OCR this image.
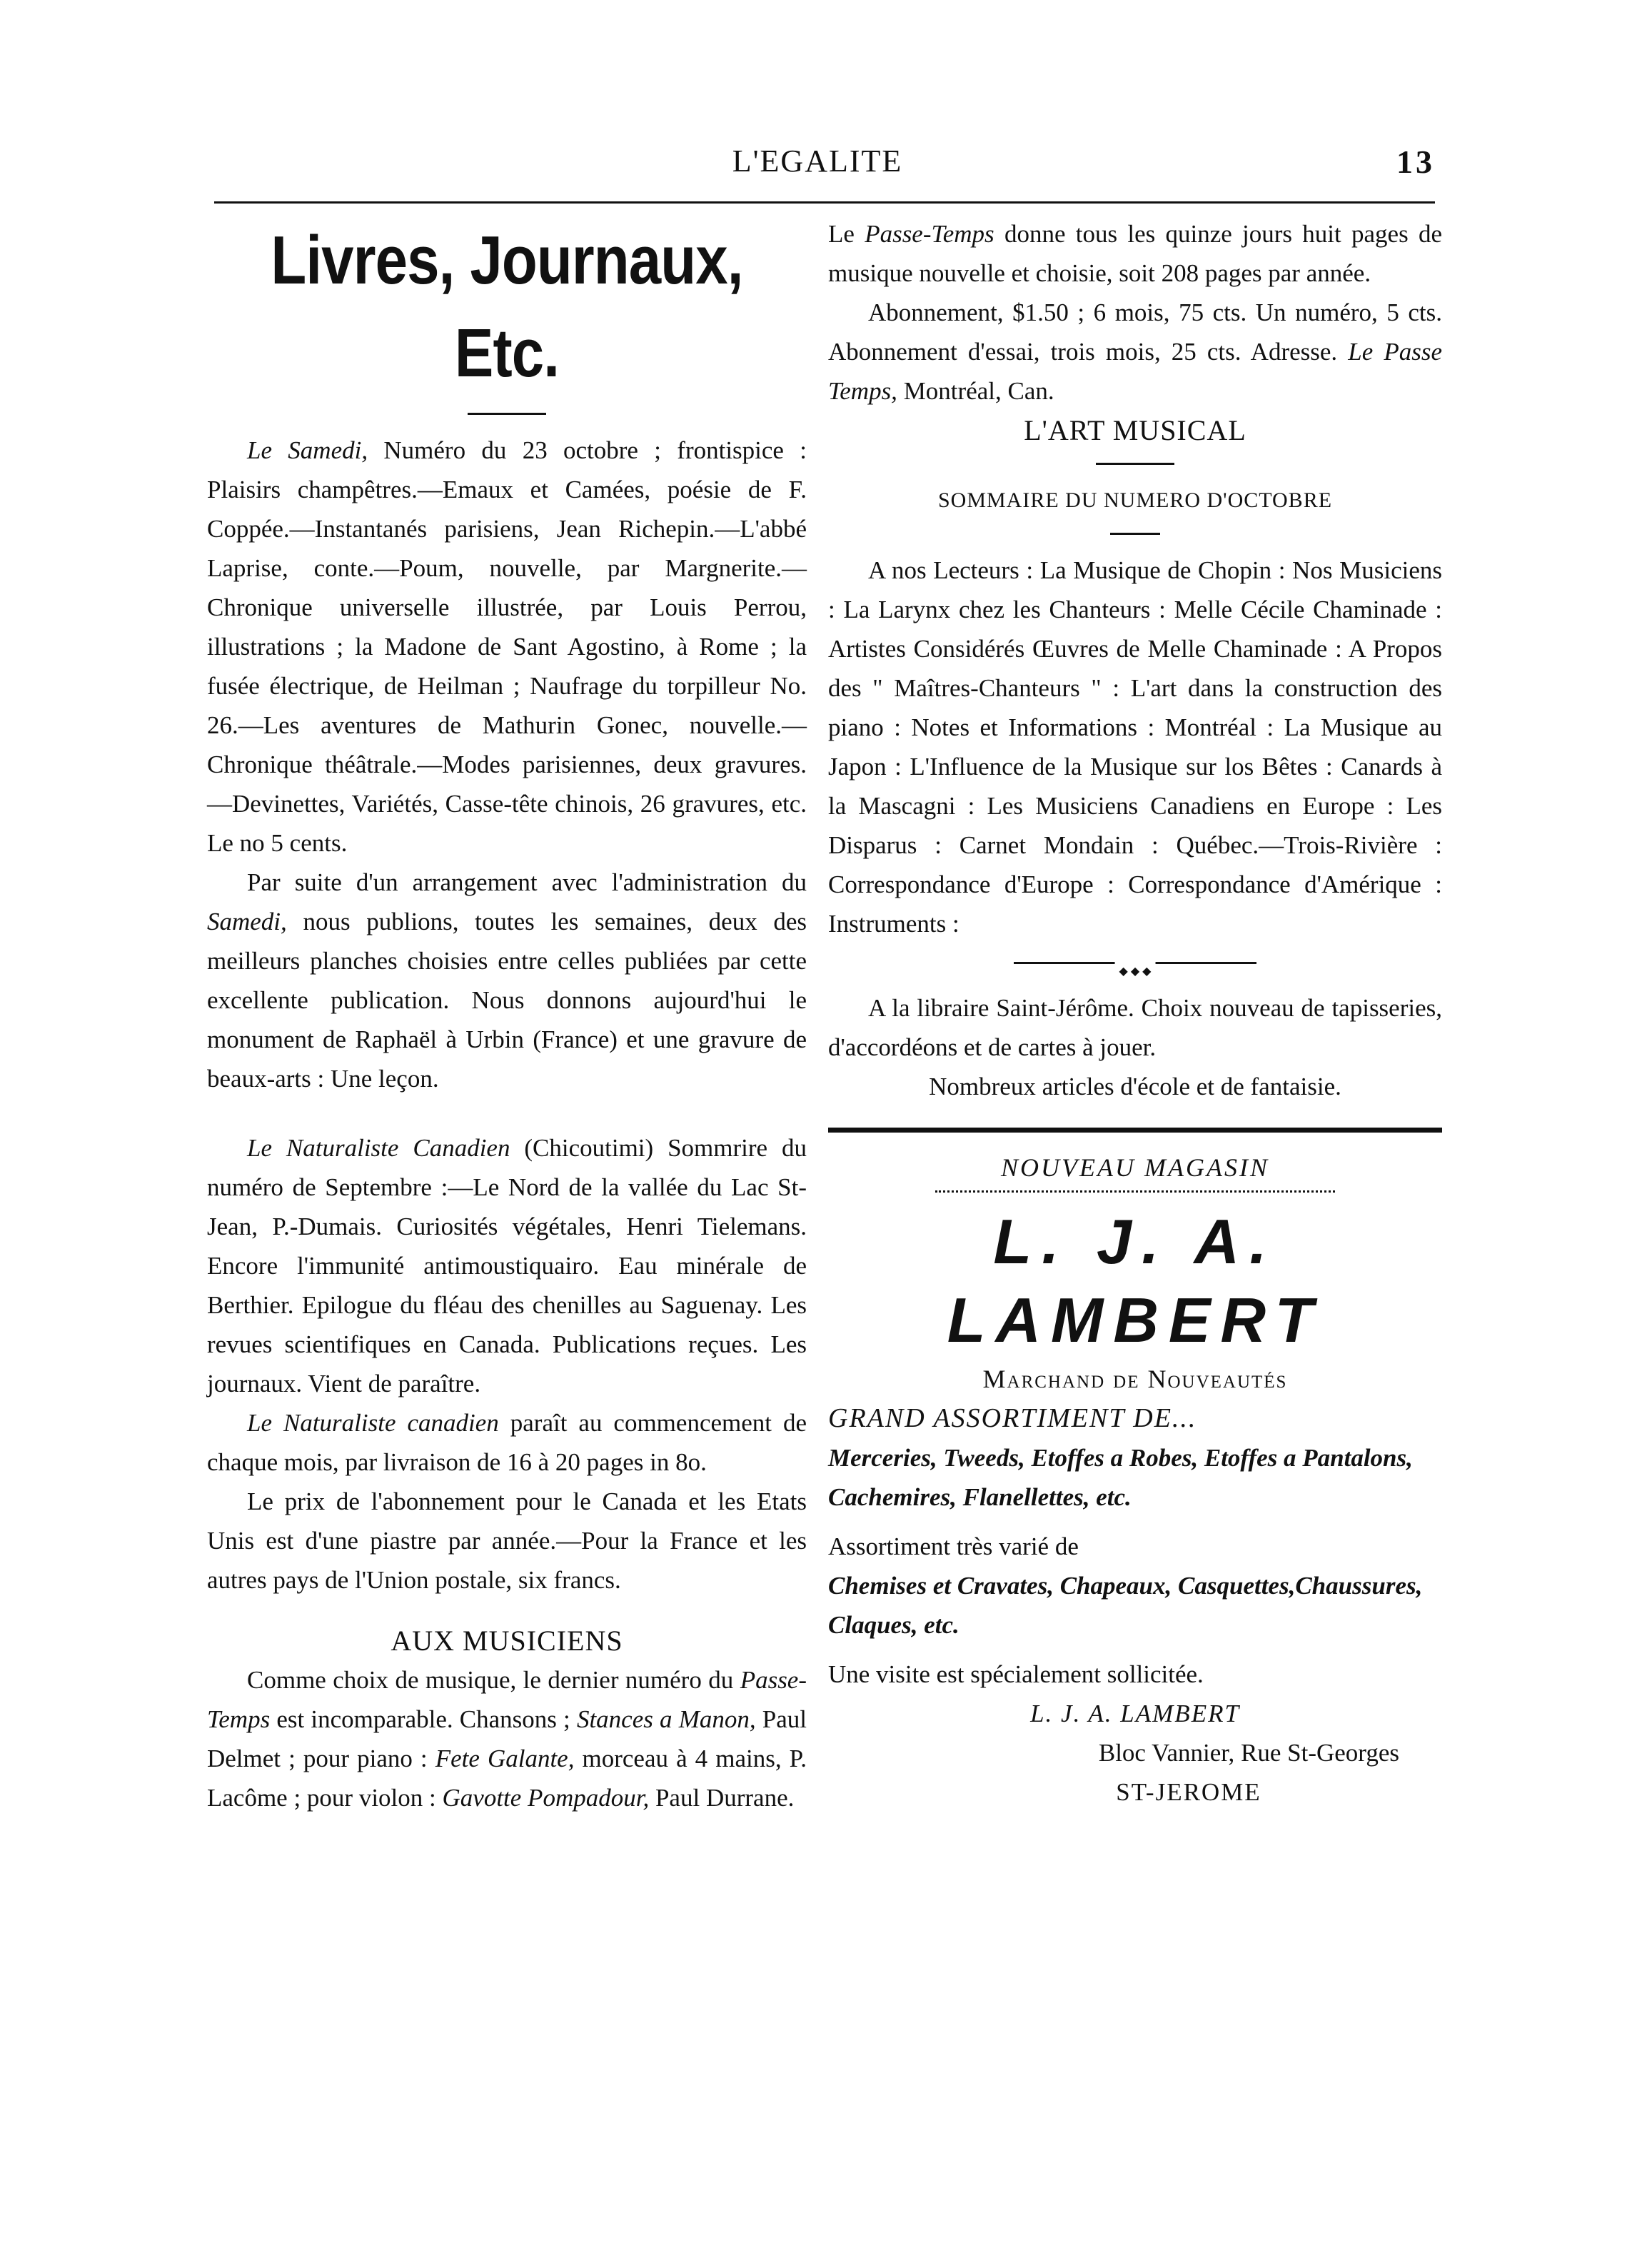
L'EGALITE	13
Livres, Journaux, Etc.

Le Samedi, Numéro du 23 octobre ; frontispice : Plaisirs champêtres.—Emaux et Camées, poésie de F. Coppée.—Instantanés parisiens, Jean Richepin.—L'abbé Laprise, conte.—Poum, nouvelle, par Margnerite.— Chronique universelle illustrée, par Louis Perrou, illustrations ; la Madone de Sant Agostino, à Rome ; la fusée électrique, de Heilman ; Naufrage du torpilleur No. 26.—Les aventures de Mathurin Gonec, nouvelle.—Chronique théâtrale.—Modes parisiennes, deux gravures.—Devinettes, Variétés, Casse-tête chinois, 26 gravures, etc. Le no 5 cents.

Par suite d'un arrangement avec l'administration du Samedi, nous publions, toutes les semaines, deux des meilleurs planches choisies entre celles publiées par cette excellente publication. Nous donnons aujourd'hui le monument de Raphaël à Urbin (France) et une gravure de beaux-arts : Une leçon.

Le Naturaliste Canadien (Chicoutimi) Sommrire du numéro de Septembre :—Le Nord de la vallée du Lac St-Jean, P.-Dumais. Curiosités végétales, Henri Tielemans. Encore l'immunité antimoustiquairo. Eau minérale de Berthier. Epilogue du fléau des chenilles au Saguenay. Les revues scientifiques en Canada. Publications reçues. Les journaux. Vient de paraître.

Le Naturaliste canadien paraît au commencement de chaque mois, par livraison de 16 à 20 pages in 8o.

Le prix de l'abonnement pour le Canada et les Etats Unis est d'une piastre par année.—Pour la France et les autres pays de l'Union postale, six francs.

AUX MUSICIENS

Comme choix de musique, le dernier numéro du Passe-Temps est incomparable. Chansons ; Stances a Manon, Paul Delmet ; pour piano : Fete Galante, morceau à 4 mains, P. Lacôme ; pour violon : Gavotte Pompadour, Paul Durrane.

Le Passe-Temps donne tous les quinze jours huit pages de musique nouvelle et choisie, soit 208 pages par année.

Abonnement, $1.50 ; 6 mois, 75 cts. Un numéro, 5 cts. Abonnement d'essai, trois mois, 25 cts. Adresse. Le Passe Temps, Montréal, Can.

L'ART MUSICAL

SOMMAIRE DU NUMERO D'OCTOBRE

A nos Lecteurs : La Musique de Chopin : Nos Musiciens : La Larynx chez les Chanteurs : Melle Cécile Chaminade : Artistes Considérés Œuvres de Melle Chaminade : A Propos des " Maîtres-Chanteurs " : L'art dans la construction des piano : Notes et Informations : Montréal : La Musique au Japon : L'Influence de la Musique sur los Bêtes : Canards à la Mascagni : Les Musiciens Canadiens en Europe : Les Disparus : Carnet Mondain : Québec.—Trois-Rivière : Correspondance d'Europe : Correspondance d'Amérique : Instruments :

◆ ◆ ◆

A la libraire Saint-Jérôme. Choix nouveau de tapisseries, d'accordéons et de cartes à jouer.

Nombreux articles d'école et de fantaisie.

NOUVEAU MAGASIN

L. J. A. LAMBERT

Marchand de Nouveautés

GRAND ASSORTIMENT DE...

Merceries, Tweeds, Etoffes a Robes, Etoffes a Pantalons, Cachemires, Flanellettes, etc.

Assortiment très varié de

Chemises et Cravates, Chapeaux, Casquettes,Chaussures, Claques, etc.

Une visite est spécialement sollicitée.

L. J. A. LAMBERT

Bloc Vannier, Rue St-Georges

ST-JEROME
